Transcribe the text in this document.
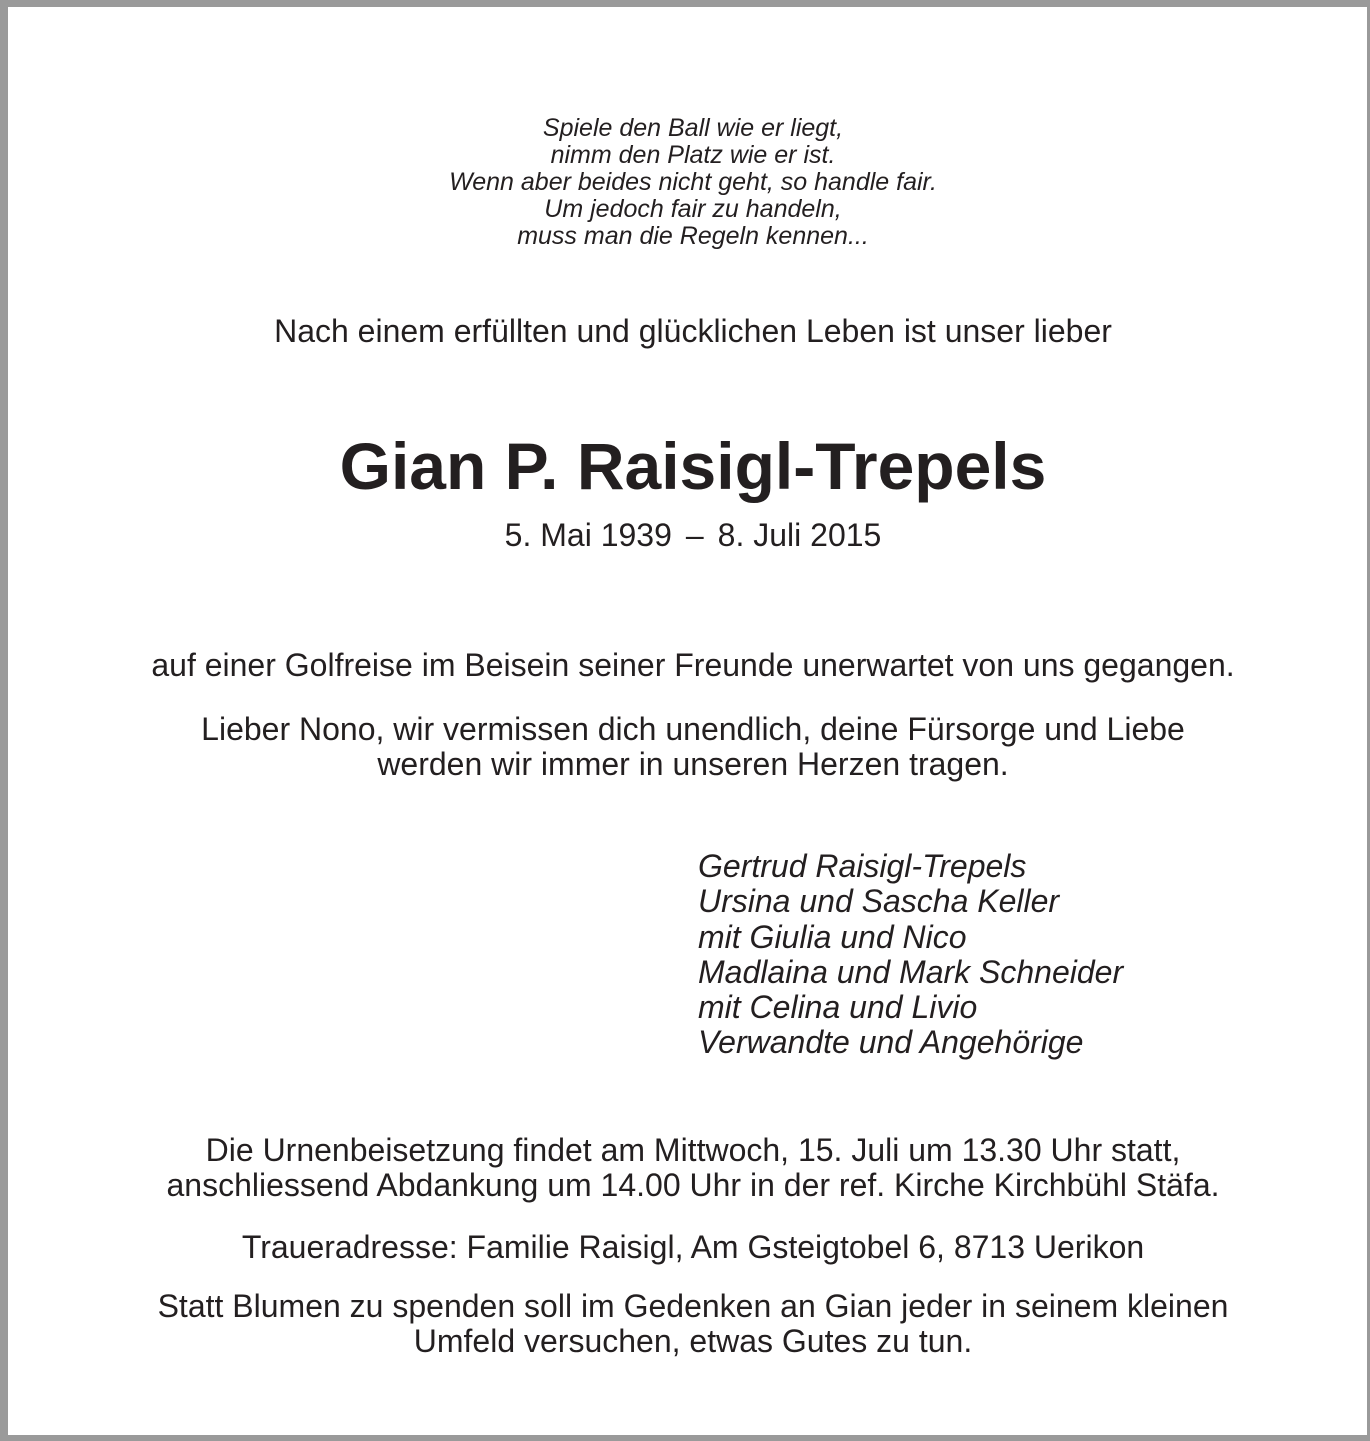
Spiele den Ball wie er liegt,
nimm den Platz wie er ist.
Wenn aber beides nicht geht, so handle fair.
Um jedoch fair zu handeln,
muss man die Regeln kennen...
Nach einem erfüllten und glücklichen Leben ist unser lieber
Gian P. Raisigl-Trepels
5. Mai 1939 – 8. Juli 2015
auf einer Golfreise im Beisein seiner Freunde unerwartet von uns gegangen.
Lieber Nono, wir vermissen dich unendlich, deine Fürsorge und Liebe
werden wir immer in unseren Herzen tragen.
Gertrud Raisigl-Trepels
Ursina und Sascha Keller
mit Giulia und Nico
Madlaina und Mark Schneider
mit Celina und Livio
Verwandte und Angehörige
Die Urnenbeisetzung findet am Mittwoch, 15. Juli um 13.30 Uhr statt,
anschliessend Abdankung um 14.00 Uhr in der ref. Kirche Kirchbühl Stäfa.
Traueradresse: Familie Raisigl, Am Gsteigtobel 6, 8713 Uerikon
Statt Blumen zu spenden soll im Gedenken an Gian jeder in seinem kleinen
Umfeld versuchen, etwas Gutes zu tun.
